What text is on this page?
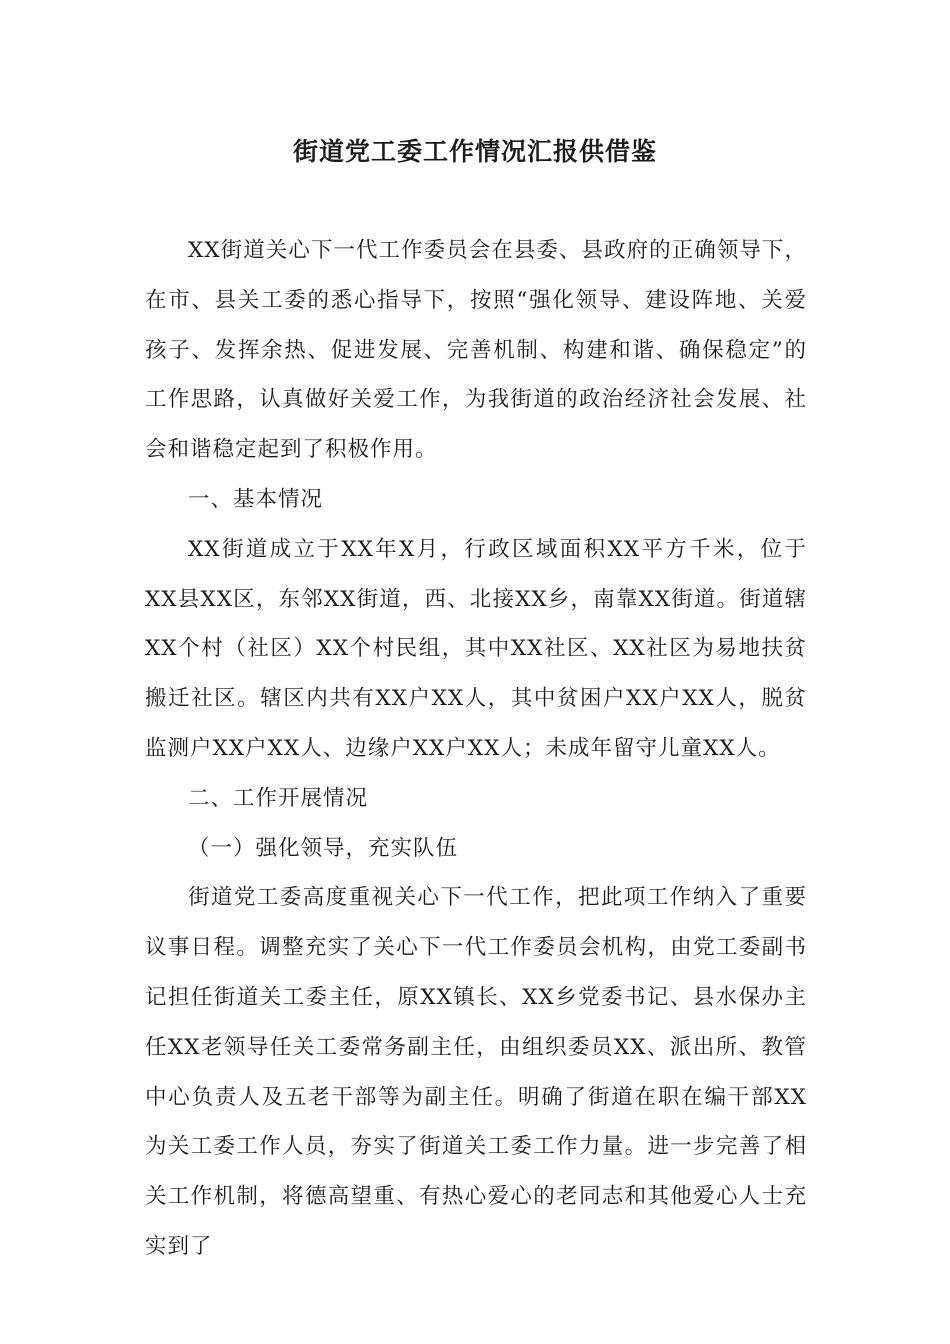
街道党工委工作情况汇报供借鉴

XX街道关心下一代工作委员会在县委、县政府的正确领导下，在市、县关工委的悉心指导下，按照“强化领导、建设阵地、关爱孩子、发挥余热、促进发展、完善机制、构建和谐、确保稳定”的工作思路，认真做好关爱工作，为我街道的政治经济社会发展、社会和谐稳定起到了积极作用。

一、基本情况

XX街道成立于XX年X月，行政区域面积XX平方千米，位于XX县XX区，东邻XX街道，西、北接XX乡，南靠XX街道。街道辖XX个村（社区）XX个村民组，其中XX社区、XX社区为易地扶贫搬迁社区。辖区内共有XX户XX人，其中贫困户XX户XX人，脱贫监测户XX户XX人、边缘户XX户XX人；未成年留守儿童XX人。

二、工作开展情况

（一）强化领导，充实队伍

街道党工委高度重视关心下一代工作，把此项工作纳入了重要议事日程。调整充实了关心下一代工作委员会机构，由党工委副书记担任街道关工委主任，原XX镇长、XX乡党委书记、县水保办主任XX老领导任关工委常务副主任，由组织委员XX、派出所、教管中心负责人及五老干部等为副主任。明确了街道在职在编干部XX为关工委工作人员，夯实了街道关工委工作力量。进一步完善了相关工作机制，将德高望重、有热心爱心的老同志和其他爱心人士充实到了
